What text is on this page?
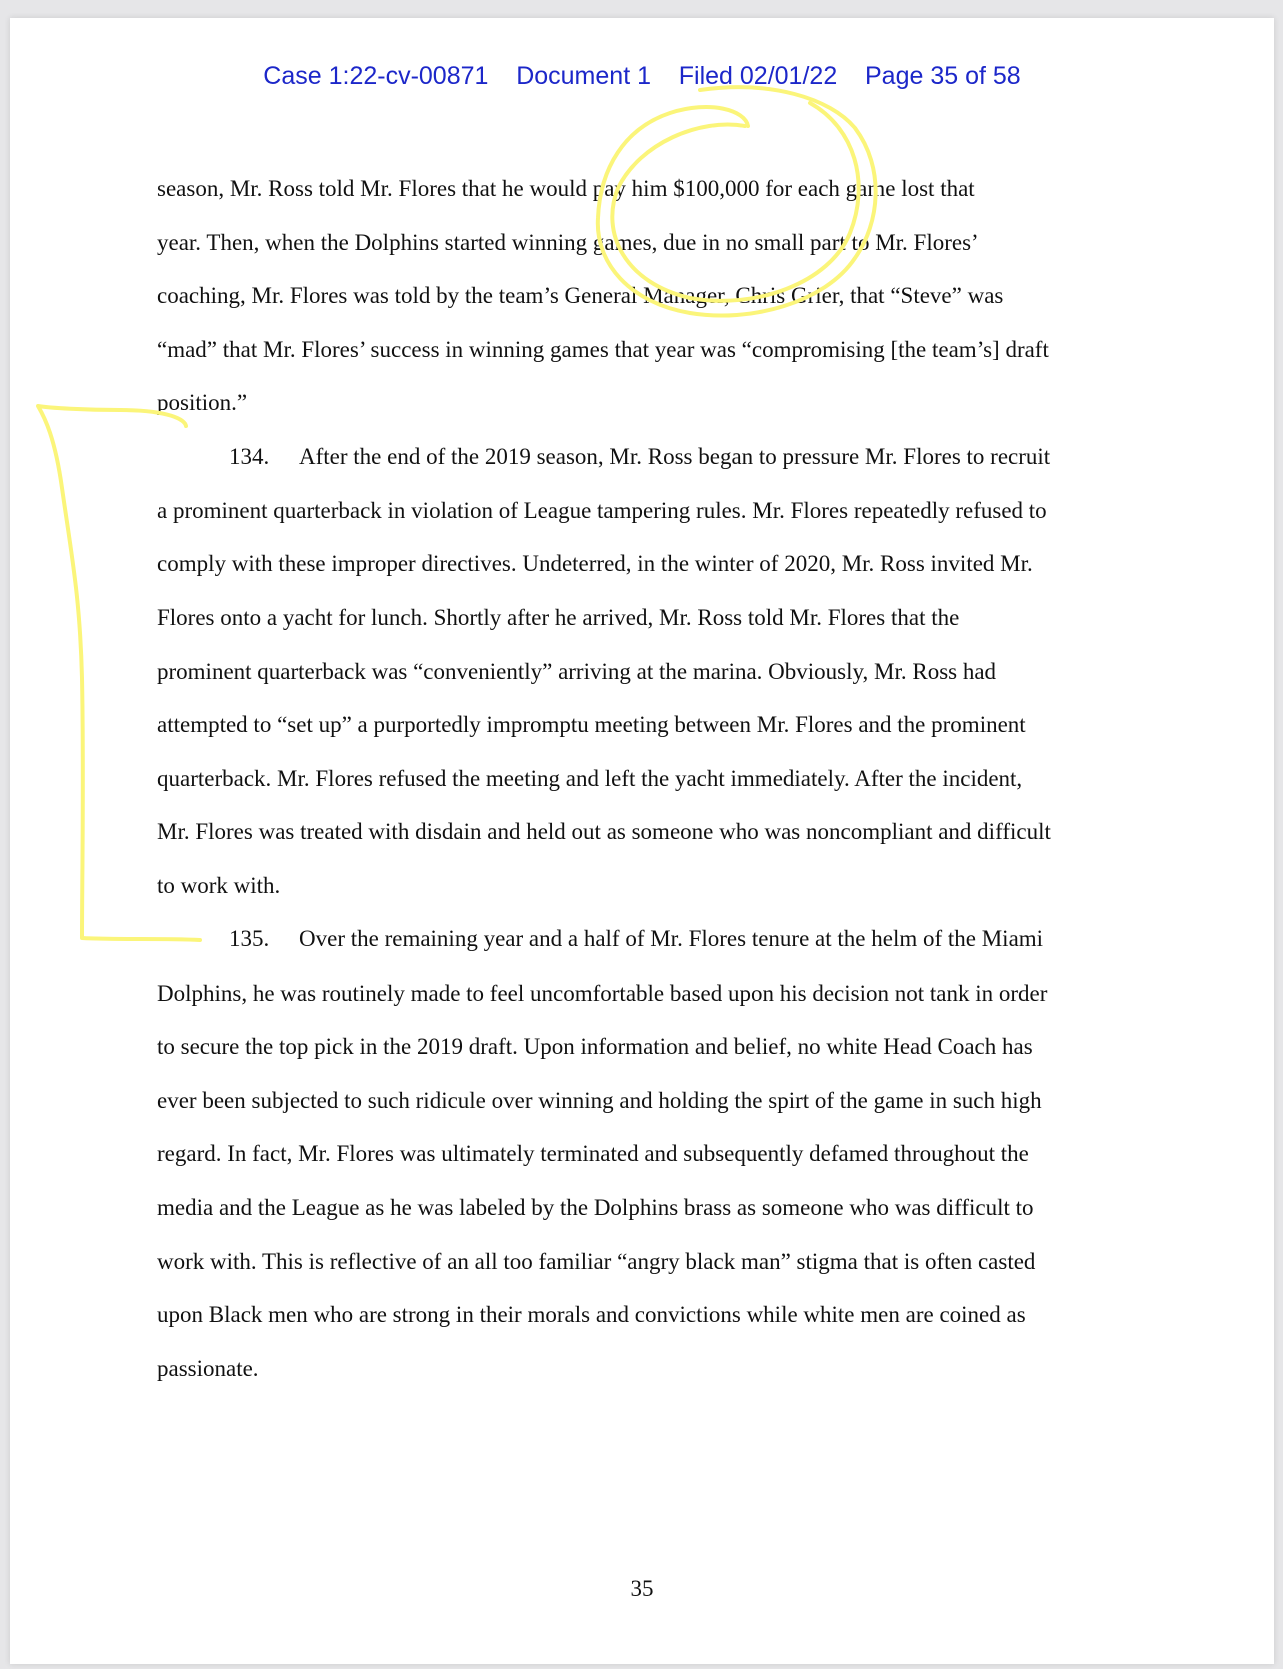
Case 1:22-cv-00871    Document 1    Filed 02/01/22    Page 35 of 58
season, Mr. Ross told Mr. Flores that he would pay him $100,000 for each game lost that
year. Then, when the Dolphins started winning games, due in no small part to Mr. Flores’
coaching, Mr. Flores was told by the team’s General Manager, Chris Grier, that “Steve” was
“mad” that Mr. Flores’ success in winning games that year was “compromising [the team’s] draft
position.”
134. After the end of the 2019 season, Mr. Ross began to pressure Mr. Flores to recruit
a prominent quarterback in violation of League tampering rules. Mr. Flores repeatedly refused to
comply with these improper directives. Undeterred, in the winter of 2020, Mr. Ross invited Mr.
Flores onto a yacht for lunch. Shortly after he arrived, Mr. Ross told Mr. Flores that the
prominent quarterback was “conveniently” arriving at the marina. Obviously, Mr. Ross had
attempted to “set up” a purportedly impromptu meeting between Mr. Flores and the prominent
quarterback. Mr. Flores refused the meeting and left the yacht immediately. After the incident,
Mr. Flores was treated with disdain and held out as someone who was noncompliant and difficult
to work with.
135. Over the remaining year and a half of Mr. Flores tenure at the helm of the Miami
Dolphins, he was routinely made to feel uncomfortable based upon his decision not tank in order
to secure the top pick in the 2019 draft. Upon information and belief, no white Head Coach has
ever been subjected to such ridicule over winning and holding the spirt of the game in such high
regard. In fact, Mr. Flores was ultimately terminated and subsequently defamed throughout the
media and the League as he was labeled by the Dolphins brass as someone who was difficult to
work with. This is reflective of an all too familiar “angry black man” stigma that is often casted
upon Black men who are strong in their morals and convictions while white men are coined as
passionate.
35
